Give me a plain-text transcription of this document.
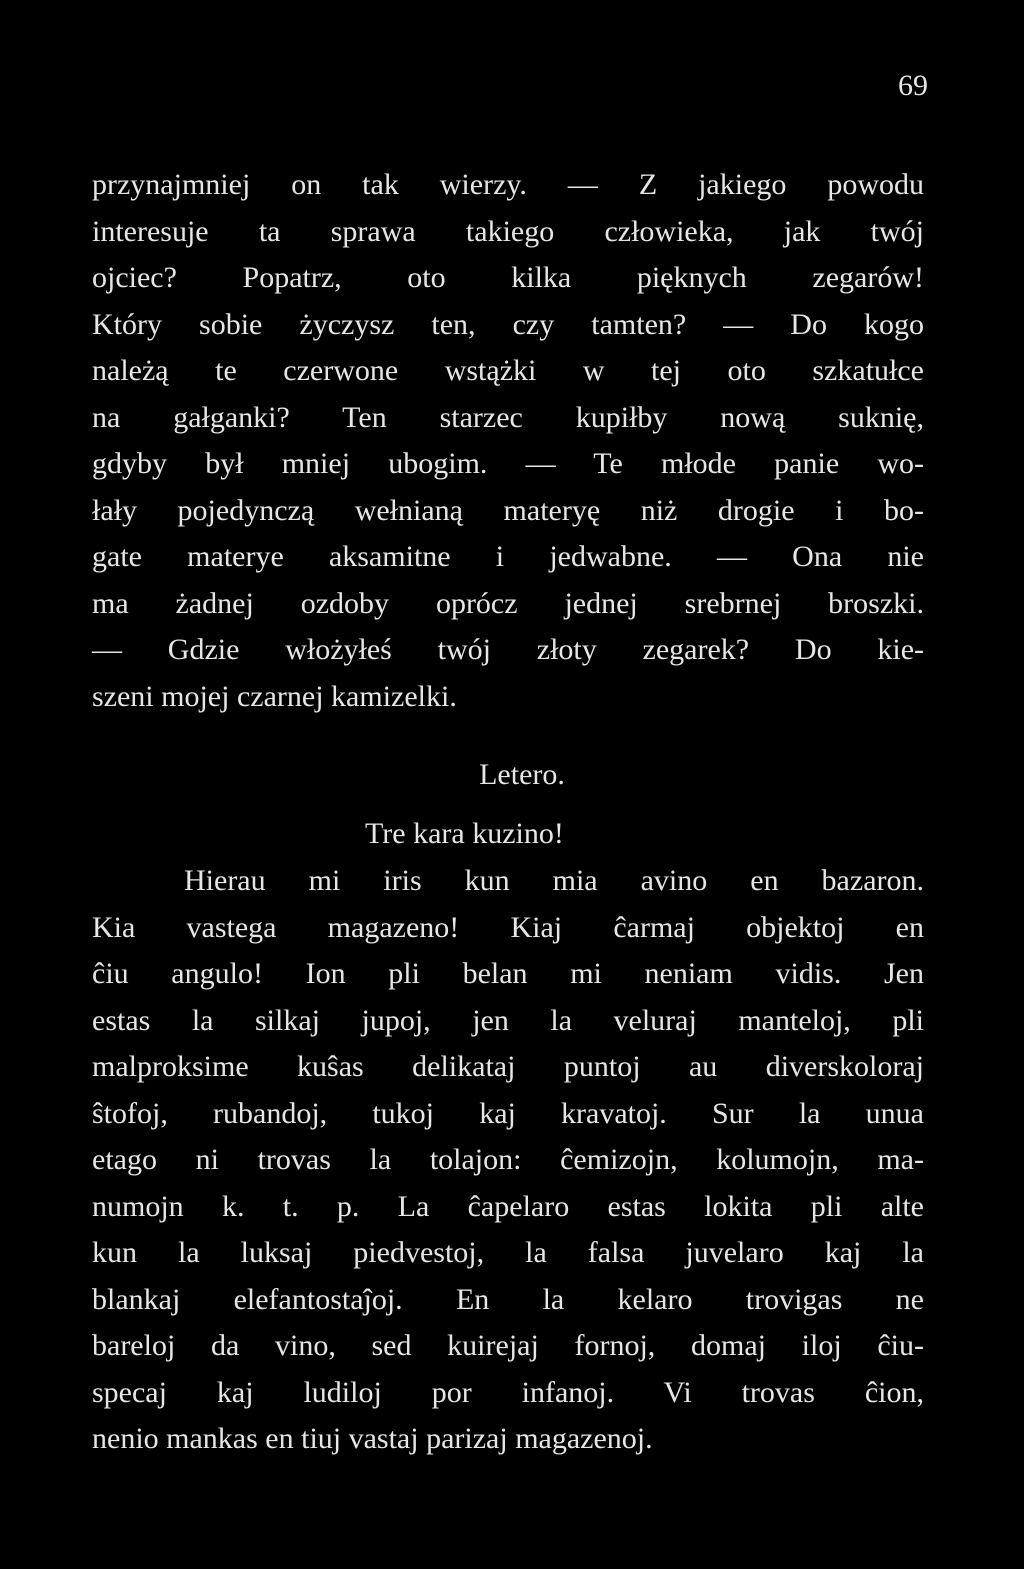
69
przynajmniej on tak wierzy. — Z jakiego powodu
interesuje ta sprawa takiego człowieka, jak twój
ojciec? Popatrz, oto kilka pięknych zegarów!
Który sobie życzysz ten, czy tamten? — Do kogo
należą te czerwone wstążki w tej oto szkatułce
na gałganki? Ten starzec kupiłby nową suknię,
gdyby był mniej ubogim. — Te młode panie wo-
łały pojedynczą wełnianą materyę niż drogie i bo-
gate materye aksamitne i jedwabne. — Ona nie
ma żadnej ozdoby oprócz jednej srebrnej broszki.
— Gdzie włożyłeś twój złoty zegarek? Do kie-
szeni mojej czarnej kamizelki.
Letero.
Tre kara kuzino!
Hierau mi iris kun mia avino en bazaron.
Kia vastega magazeno! Kiaj ĉarmaj objektoj en
ĉiu angulo! Ion pli belan mi neniam vidis. Jen
estas la silkaj jupoj, jen la veluraj manteloj, pli
malproksime kuŝas delikataj puntoj au diverskoloraj
ŝtofoj, rubandoj, tukoj kaj kravatoj. Sur la unua
etago ni trovas la tolajon: ĉemizojn, kolumojn, ma-
numojn k. t. p. La ĉapelaro estas lokita pli alte
kun la luksaj piedvestoj, la falsa juvelaro kaj la
blankaj elefantostaĵoj. En la kelaro trovigas ne
bareloj da vino, sed kuirejaj fornoj, domaj iloj ĉiu-
specaj kaj ludiloj por infanoj. Vi trovas ĉion,
nenio mankas en tiuj vastaj parizaj magazenoj.
